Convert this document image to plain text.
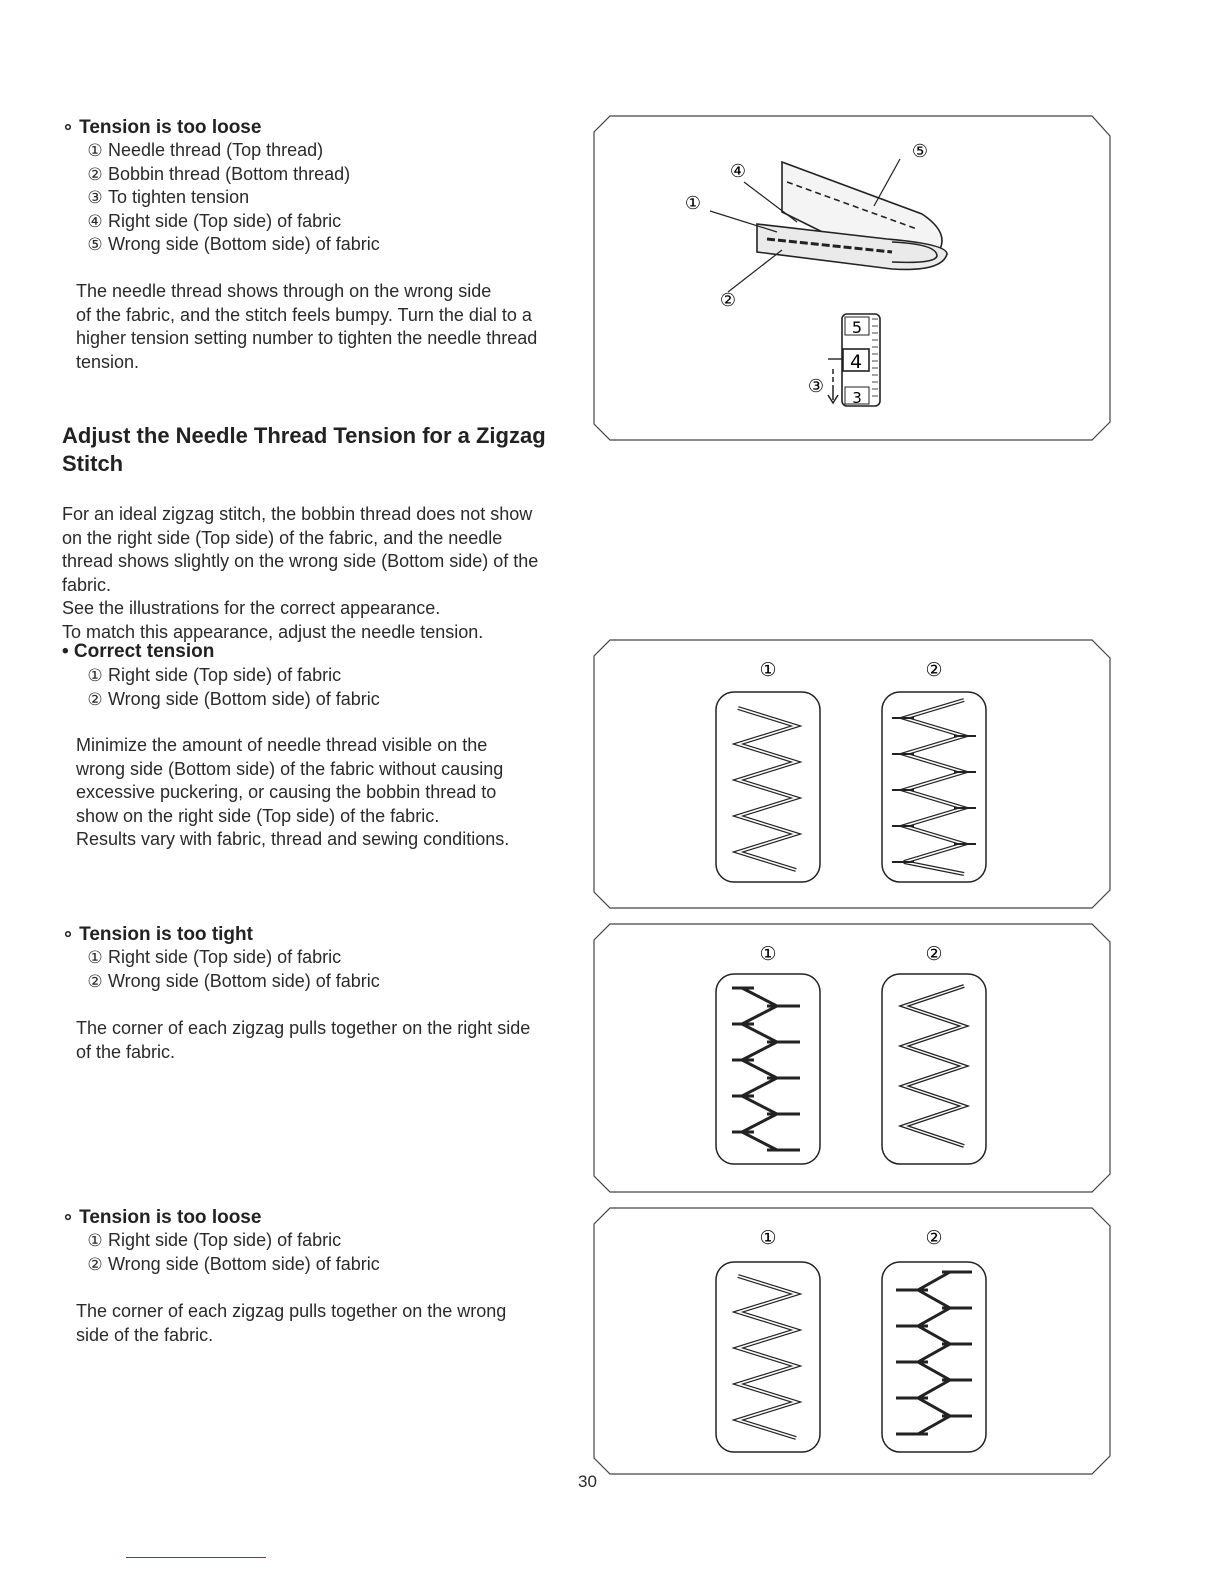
∘ Tension is too loose
① Needle thread (Top thread)
② Bobbin thread (Bottom thread)
③ To tighten tension
④ Right side (Top side) of fabric
⑤ Wrong side (Bottom side) of fabric
The needle thread shows through on the wrong side
of the fabric, and the stitch feels bumpy. Turn the dial to a
higher tension setting number to tighten the needle thread
tension.
Adjust the Needle Thread Tension for a Zigzag
Stitch
For an ideal zigzag stitch, the bobbin thread does not show
on the right side (Top side) of the fabric, and the needle
thread shows slightly on the wrong side (Bottom side) of the
fabric.
See the illustrations for the correct appearance.
To match this appearance, adjust the needle tension.
• Correct tension
① Right side (Top side) of fabric
② Wrong side (Bottom side) of fabric
Minimize the amount of needle thread visible on the
wrong side (Bottom side) of the fabric without causing
excessive puckering, or causing the bobbin thread to
show on the right side (Top side) of the fabric.
Results vary with fabric, thread and sewing conditions.
∘ Tension is too tight
① Right side (Top side) of fabric
② Wrong side (Bottom side) of fabric
The corner of each zigzag pulls together on the right side
of the fabric.
∘ Tension is too loose
① Right side (Top side) of fabric
② Wrong side (Bottom side) of fabric
The corner of each zigzag pulls together on the wrong
side of the fabric.
①
②
③
④
⑤
5
4
3
①	②
①	②
①	②
30
